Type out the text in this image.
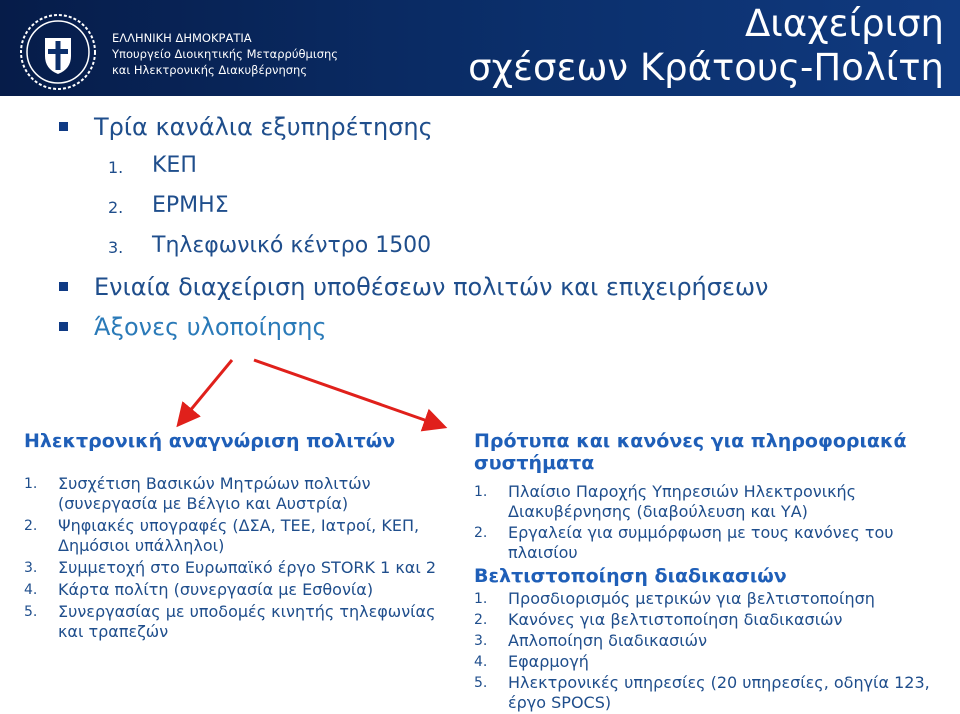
ΕΛΛΗΝΙΚΗ ΔΗΜΟΚΡΑΤΙΑ
Υπουργείο Διοικητικής Μεταρρύθμισης
και Ηλεκτρονικής Διακυβέρνησης
Διαχείριση
σχέσεων Κράτους-Πολίτη
Τρία κανάλια εξυπηρέτησης
1. ΚΕΠ
2. ΕΡΜΗΣ
3. Τηλεφωνικό κέντρο 1500
Ενιαία διαχείριση υποθέσεων πολιτών και επιχειρήσεων
Άξονες υλοποίησης
Ηλεκτρονική αναγνώριση πολιτών
1. Συσχέτιση Βασικών Μητρώων πολιτών (συνεργασία με Βέλγιο και Αυστρία)
2. Ψηφιακές υπογραφές (ΔΣΑ, ΤΕΕ, Ιατροί, ΚΕΠ, Δημόσιοι υπάλληλοι)
3. Συμμετοχή στο Ευρωπαϊκό έργο STORK 1 και 2
4. Κάρτα πολίτη (συνεργασία με Εσθονία)
5. Συνεργασίας με υποδομές κινητής τηλεφωνίας και τραπεζών
Πρότυπα και κανόνες για πληροφοριακά συστήματα
1. Πλαίσιο Παροχής Υπηρεσιών Ηλεκτρονικής Διακυβέρνησης (διαβούλευση και ΥΑ)
2. Εργαλεία για συμμόρφωση με τους κανόνες του πλαισίου
Βελτιστοποίηση διαδικασιών
1. Προσδιορισμός μετρικών για βελτιστοποίηση
2. Κανόνες για βελτιστοποίηση διαδικασιών
3. Απλοποίηση διαδικασιών
4. Εφαρμογή
5. Ηλεκτρονικές υπηρεσίες (20 υπηρεσίες, οδηγία 123, έργο SPOCS)
